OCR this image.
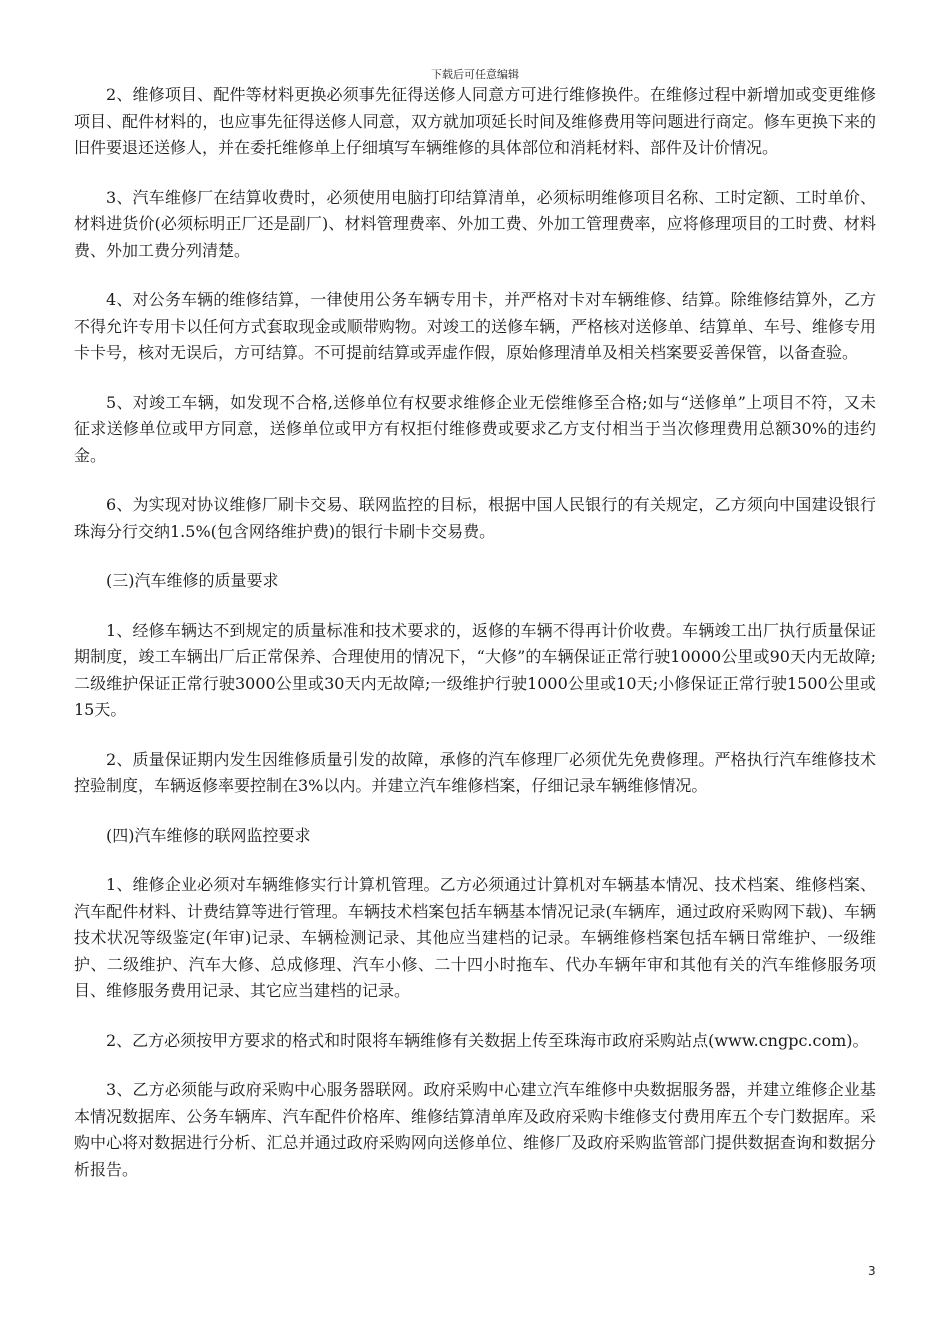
下载后可任意编辑

2、维修项目、配件等材料更换必须事先征得送修人同意方可进行维修换件。在维修过程中新增加或变更维修项目、配件材料的，也应事先征得送修人同意，双方就加项延长时间及维修费用等问题进行商定。修车更换下来的旧件要退还送修人，并在委托维修单上仔细填写车辆维修的具体部位和消耗材料、部件及计价情况。

3、汽车维修厂在结算收费时，必须使用电脑打印结算清单，必须标明维修项目名称、工时定额、工时单价、材料进货价(必须标明正厂还是副厂)、材料管理费率、外加工费、外加工管理费率，应将修理项目的工时费、材料费、外加工费分列清楚。

4、对公务车辆的维修结算，一律使用公务车辆专用卡，并严格对卡对车辆维修、结算。除维修结算外，乙方不得允许专用卡以任何方式套取现金或顺带购物。对竣工的送修车辆，严格核对送修单、结算单、车号、维修专用卡卡号，核对无误后，方可结算。不可提前结算或弄虚作假，原始修理清单及相关档案要妥善保管，以备查验。

5、对竣工车辆，如发现不合格,送修单位有权要求维修企业无偿维修至合格;如与“送修单”上项目不符，又未征求送修单位或甲方同意，送修单位或甲方有权拒付维修费或要求乙方支付相当于当次修理费用总额30%的违约金。

6、为实现对协议维修厂刷卡交易、联网监控的目标，根据中国人民银行的有关规定，乙方须向中国建设银行珠海分行交纳1.5%(包含网络维护费)的银行卡刷卡交易费。

(三)汽车维修的质量要求

1、经修车辆达不到规定的质量标准和技术要求的，返修的车辆不得再计价收费。车辆竣工出厂执行质量保证期制度，竣工车辆出厂后正常保养、合理使用的情况下，“大修”的车辆保证正常行驶10000公里或90天内无故障;二级维护保证正常行驶3000公里或30天内无故障;一级维护行驶1000公里或10天;小修保证正常行驶1500公里或15天。

2、质量保证期内发生因维修质量引发的故障，承修的汽车修理厂必须优先免费修理。严格执行汽车维修技术控验制度，车辆返修率要控制在3%以内。并建立汽车维修档案，仔细记录车辆维修情况。

(四)汽车维修的联网监控要求

1、维修企业必须对车辆维修实行计算机管理。乙方必须通过计算机对车辆基本情况、技术档案、维修档案、汽车配件材料、计费结算等进行管理。车辆技术档案包括车辆基本情况记录(车辆库，通过政府采购网下载)、车辆技术状况等级鉴定(年审)记录、车辆检测记录、其他应当建档的记录。车辆维修档案包括车辆日常维护、一级维护、二级维护、汽车大修、总成修理、汽车小修、二十四小时拖车、代办车辆年审和其他有关的汽车维修服务项目、维修服务费用记录、其它应当建档的记录。

2、乙方必须按甲方要求的格式和时限将车辆维修有关数据上传至珠海市政府采购站点(www.cngpc.com)。

3、乙方必须能与政府采购中心服务器联网。政府采购中心建立汽车维修中央数据服务器，并建立维修企业基本情况数据库、公务车辆库、汽车配件价格库、维修结算清单库及政府采购卡维修支付费用库五个专门数据库。采购中心将对数据进行分析、汇总并通过政府采购网向送修单位、维修厂及政府采购监管部门提供数据查询和数据分析报告。

3
